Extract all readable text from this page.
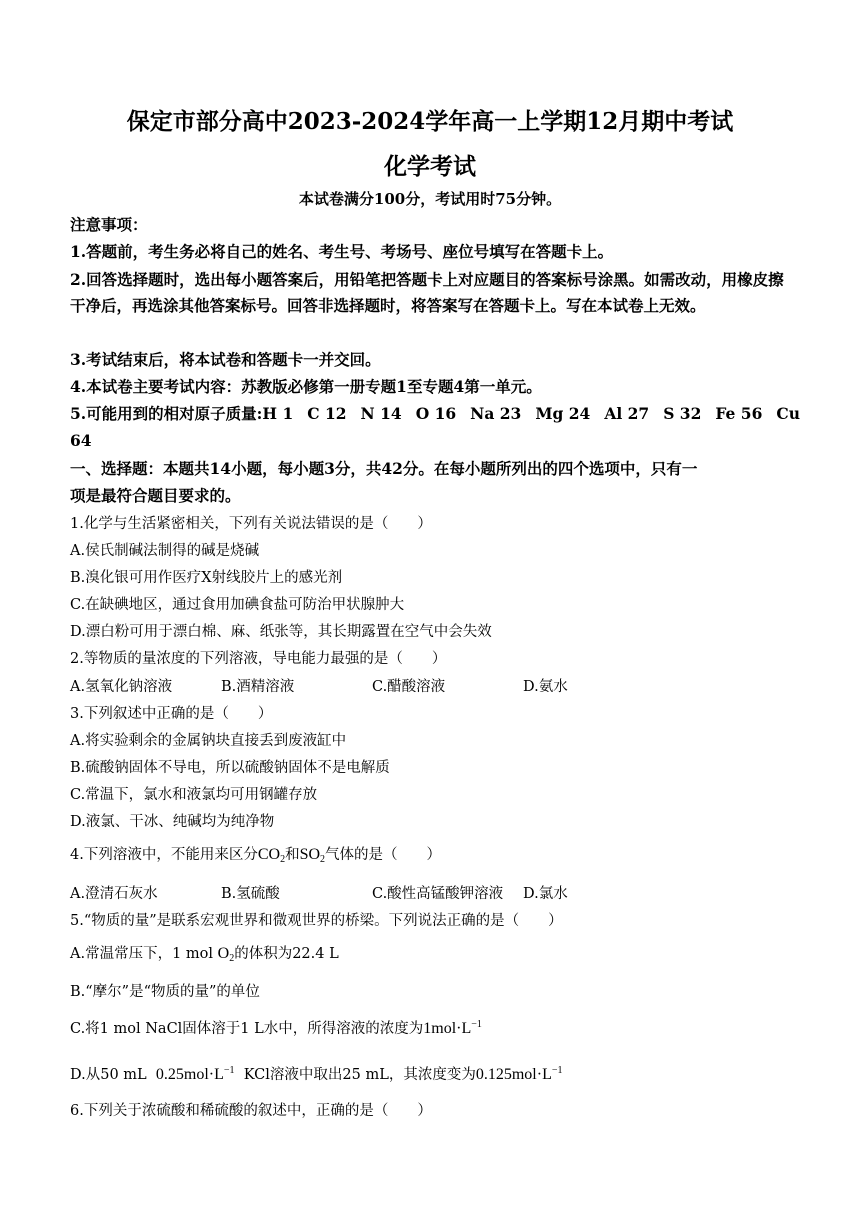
保定市部分高中2023-2024学年高一上学期12月期中考试
化学考试
本试卷满分100分，考试用时75分钟。
注意事项：
1.答题前，考生务必将自己的姓名、考生号、考场号、座位号填写在答题卡上。
2.回答选择题时，选出每小题答案后，用铅笔把答题卡上对应题目的答案标号涂黑。如需改动，用橡皮擦干净后，再选涂其他答案标号。回答非选择题时，将答案写在答题卡上。写在本试卷上无效。
3.考试结束后，将本试卷和答题卡一并交回。
4.本试卷主要考试内容：苏教版必修第一册专题1至专题4第一单元。
5.可能用到的相对原子质量:H 1 C 12 N 14 O 16 Na 23 Mg 24 Al 27 S 32 Fe 56 Cu
64
一、选择题：本题共14小题，每小题3分，共42分。在每小题所列出的四个选项中，只有一
项是最符合题目要求的。
1.化学与生活紧密相关，下列有关说法错误的是（　　）
A.侯氏制碱法制得的碱是烧碱
B.溴化银可用作医疗X射线胶片上的感光剂
C.在缺碘地区，通过食用加碘食盐可防治甲状腺肿大
D.漂白粉可用于漂白棉、麻、纸张等，其长期露置在空气中会失效
2.等物质的量浓度的下列溶液，导电能力最强的是（　　）
A.氢氧化钠溶液	B.酒精溶液	C.醋酸溶液	D.氨水
3.下列叙述中正确的是（　　）
A.将实验剩余的金属钠块直接丢到废液缸中
B.硫酸钠固体不导电，所以硫酸钠固体不是电解质
C.常温下，氯水和液氯均可用钢罐存放
D.液氯、干冰、纯碱均为纯净物
4.下列溶液中，不能用来区分$CO_2$和$SO_2$气体的是（　　）
A.澄清石灰水	B.氢硫酸	C.酸性高锰酸钾溶液 D.氯水
5.“物质的量”是联系宏观世界和微观世界的桥梁。下列说法正确的是（　　）
A.常温常压下，1 mol $O_2$的体积为22.4 L
B.“摩尔”是“物质的量”的单位
C.将1 mol NaCl固体溶于1 L水中，所得溶液的浓度为$1mol\cdot L^{-1}$
D.从50 mL $0.25mol\cdot L^{-1}$ KCl溶液中取出25 mL，其浓度变为$0.125mol\cdot L^{-1}$
6.下列关于浓硫酸和稀硫酸的叙述中，正确的是（　　）
